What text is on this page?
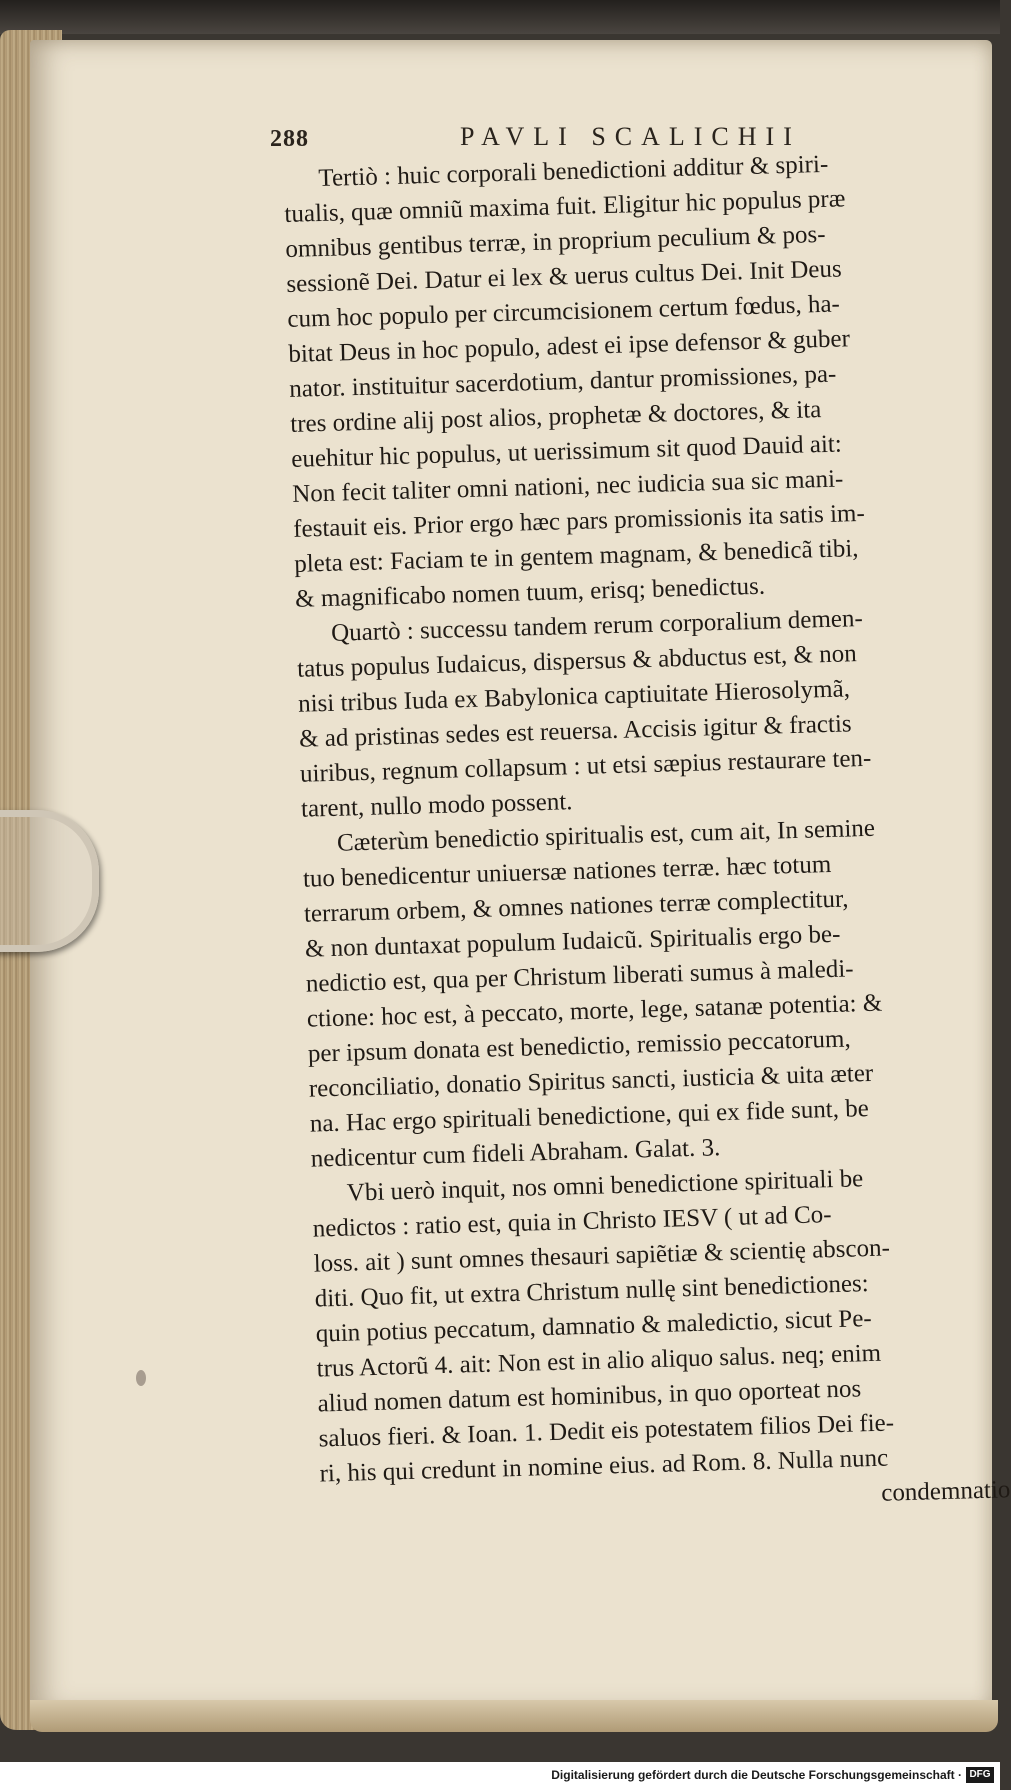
288	PAVLI SCALICHII
Tertiò : huic corporali benedictioni additur & spiri-
tualis, quæ omniũ maxima fuit. Eligitur hic populus præ
omnibus gentibus terræ, in proprium peculium & pos-
sessionẽ Dei. Datur ei lex & uerus cultus Dei. Init Deus
cum hoc populo per circumcisionem certum fœdus, ha-
bitat Deus in hoc populo, adest ei ipse defensor & guber
nator. instituitur sacerdotium, dantur promissiones, pa-
tres ordine alij post alios, prophetæ & doctores, & ita
euehitur hic populus, ut uerissimum sit quod Dauid ait:
Non fecit taliter omni nationi, nec iudicia sua sic mani-
festauit eis. Prior ergo hæc pars promissionis ita satis im-
pleta est: Faciam te in gentem magnam, & benedicã tibi,
& magnificabo nomen tuum, erisq; benedictus.
Quartò : successu tandem rerum corporalium demen-
tatus populus Iudaicus, dispersus & abductus est, & non
nisi tribus Iuda ex Babylonica captiuitate Hierosolymã,
& ad pristinas sedes est reuersa. Accisis igitur & fractis
uiribus, regnum collapsum : ut etsi sæpius restaurare ten-
tarent, nullo modo possent.
Cæterùm benedictio spiritualis est, cum ait, In semine
tuo benedicentur uniuersæ nationes terræ. hæc totum
terrarum orbem, & omnes nationes terræ complectitur,
& non duntaxat populum Iudaicũ. Spiritualis ergo be-
nedictio est, qua per Christum liberati sumus à maledi-
ctione: hoc est, à peccato, morte, lege, satanæ potentia: &
per ipsum donata est benedictio, remissio peccatorum,
reconciliatio, donatio Spiritus sancti, iusticia & uita æter
na. Hac ergo spirituali benedictione, qui ex fide sunt, be
nedicentur cum fideli Abraham. Galat. 3.
Vbi uerò inquit, nos omni benedictione spirituali be
nedictos : ratio est, quia in Christo IESV ( ut ad Co-
loss. ait ) sunt omnes thesauri sapiẽtiæ & scientię abscon-
diti. Quo fit, ut extra Christum nullę sint benedictiones:
quin potius peccatum, damnatio & maledictio, sicut Pe-
trus Actorũ 4. ait: Non est in alio aliquo salus. neq; enim
aliud nomen datum est hominibus, in quo oporteat nos
saluos fieri. & Ioan. 1. Dedit eis potestatem filios Dei fie-
ri, his qui credunt in nomine eius. ad Rom. 8. Nulla nunc
condemnatio
Digitalisierung gefördert durch die Deutsche Forschungsgemeinschaft · DFG
